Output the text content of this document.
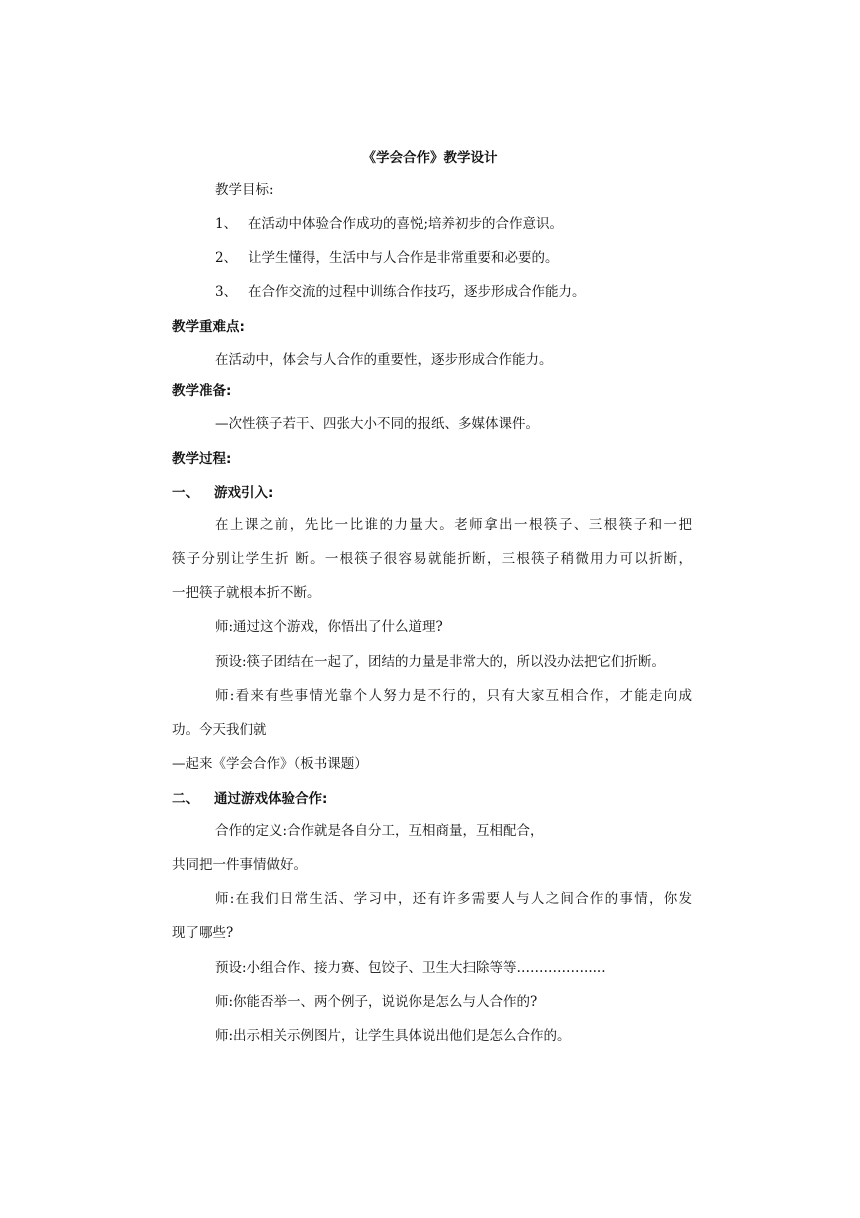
《学会合作》教学设计
教学目标:
1、 在活动中体验合作成功的喜悦;培养初步的合作意识。
2、 让学生懂得，生活中与人合作是非常重要和必要的。
3、 在合作交流的过程中训练合作技巧，逐步形成合作能力。
教学重难点:
在活动中，体会与人合作的重要性，逐步形成合作能力。
教学准备:
—次性筷子若干、四张大小不同的报纸、多媒体课件。
教学过程:
一、 游戏引入:
在上课之前，先比一比谁的力量大。老师拿出一根筷子、三根筷子和一把
筷子分别让学生折 断。一根筷子很容易就能折断，三根筷子稍微用力可以折断，
一把筷子就根本折不断。
师:通过这个游戏，你悟出了什么道理?
预设:筷子团结在一起了，团结的力量是非常大的，所以没办法把它们折断。
师:看来有些事情光靠个人努力是不行的，只有大家互相合作，才能走向成
功。今天我们就
—起来《学会合作》（板书课题）
二、 通过游戏体验合作:
合作的定义:合作就是各自分工，互相商量，互相配合，
共同把一件事情做好。
师:在我们日常生活、学习中，还有许多需要人与人之间合作的事情，你发
现了哪些?
预设:小组合作、接力赛、包饺子、卫生大扫除等等…………….....
师:你能否举一、两个例子，说说你是怎么与人合作的?
师:出示相关示例图片，让学生具体说出他们是怎么合作的。
